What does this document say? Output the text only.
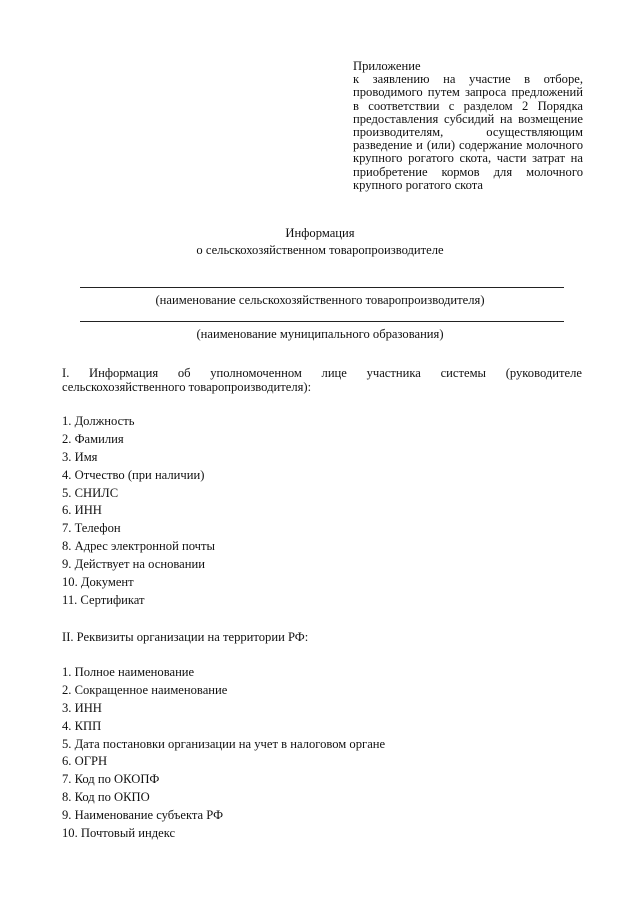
Приложение
к заявлению на участие в отборе, проводимого путем запроса предложений в соответствии с разделом 2 Порядка предоставления субсидий на возмещение производителям, осуществляющим разведение и (или) содержание молочного крупного рогатого скота, части затрат на приобретение кормов для молочного крупного рогатого скота
Информация
о сельскохозяйственном товаропроизводителе
(наименование сельскохозяйственного товаропроизводителя)
(наименование муниципального образования)
I. Информация об уполномоченном лице участника системы (руководителе сельскохозяйственного товаропроизводителя):
1. Должность
2. Фамилия
3. Имя
4. Отчество (при наличии)
5. СНИЛС
6. ИНН
7. Телефон
8. Адрес электронной почты
9. Действует на основании
10. Документ
11. Сертификат
II. Реквизиты организации на территории РФ:
1. Полное наименование
2. Сокращенное наименование
3. ИНН
4. КПП
5. Дата постановки организации на учет в налоговом органе
6. ОГРН
7. Код по ОКОПФ
8. Код по ОКПО
9. Наименование субъекта РФ
10. Почтовый индекс
